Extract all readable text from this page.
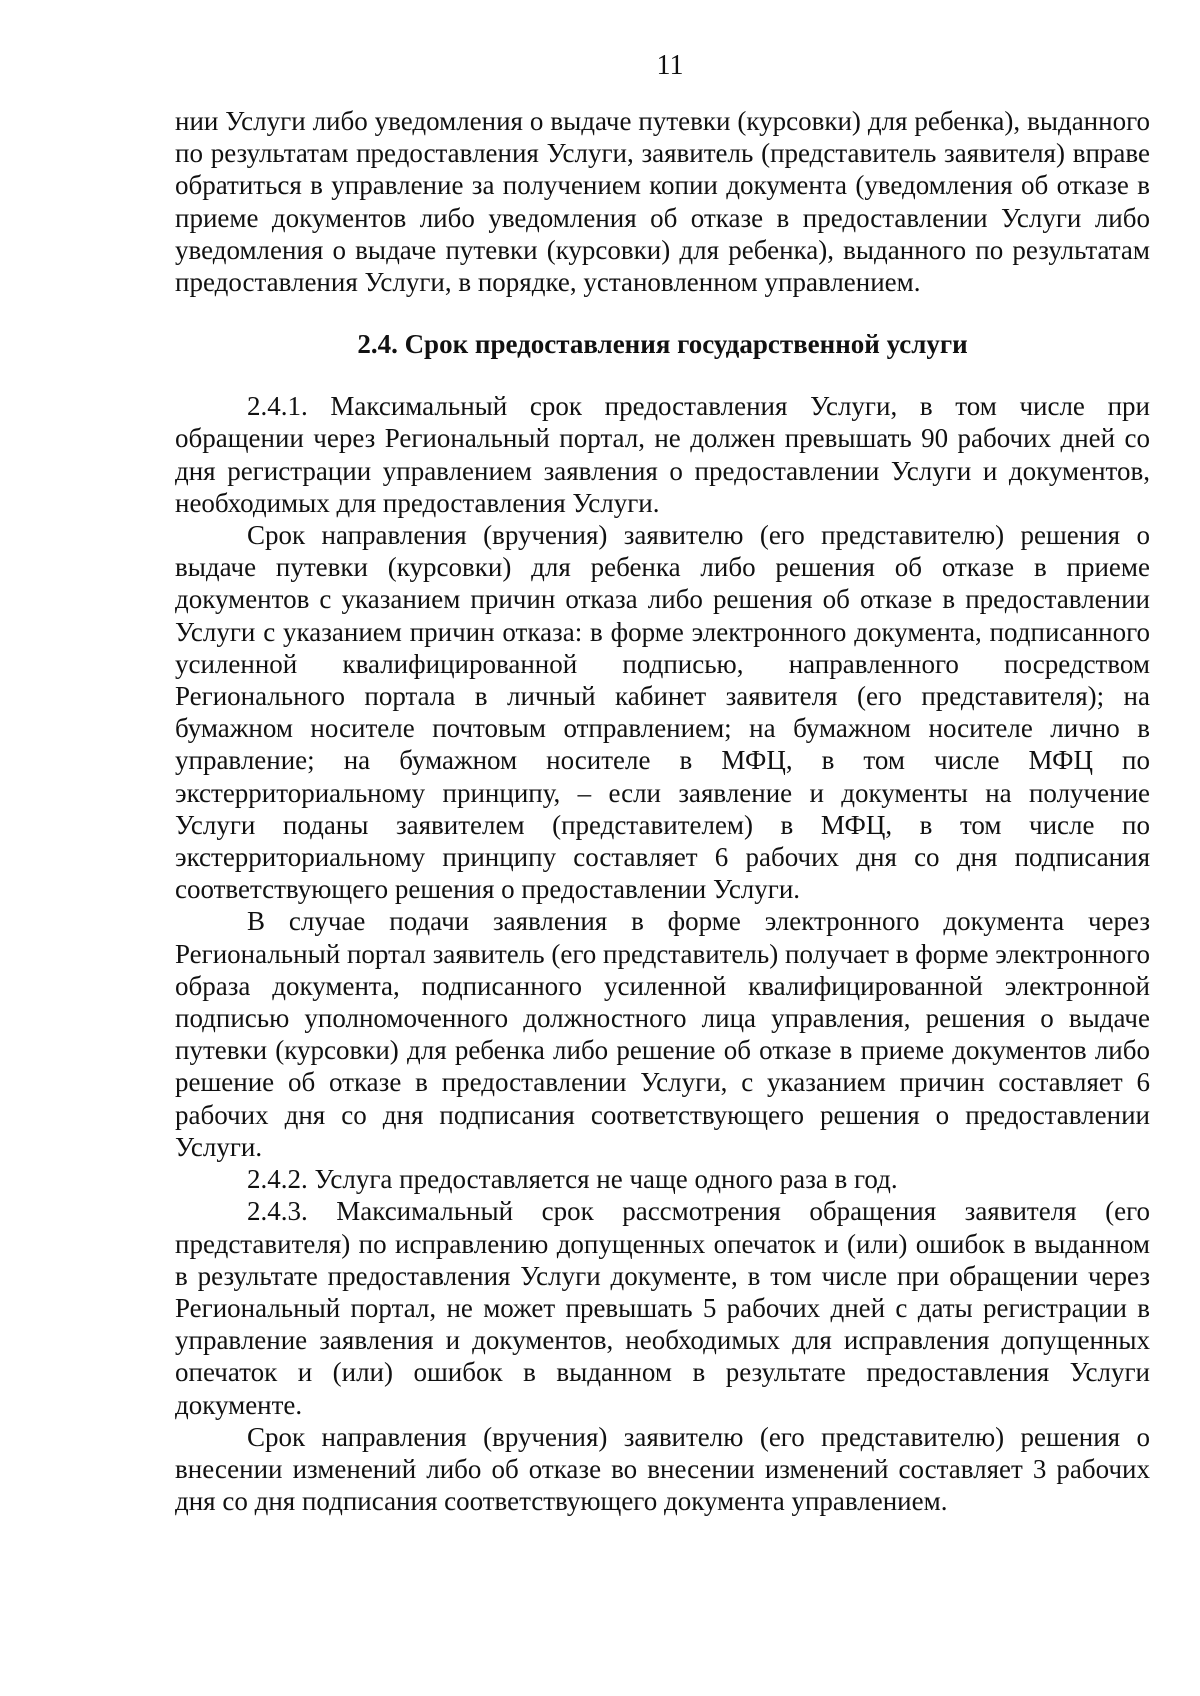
11

нии Услуги либо уведомления о выдаче путевки (курсовки) для ребенка), выданного по результатам предоставления Услуги, заявитель (представитель заявителя) вправе обратиться в управление за получением копии документа (уведомления об отказе в приеме документов либо уведомления об отказе в предоставлении Услуги либо уведомления о выдаче путевки (курсовки) для ребенка), выданного по результатам предоставления Услуги, в порядке, установленном управлением.

2.4. Срок предоставления государственной услуги

2.4.1. Максимальный срок предоставления Услуги, в том числе при обращении через Региональный портал, не должен превышать 90 рабочих дней со дня регистрации управлением заявления о предоставлении Услуги и документов, необходимых для предоставления Услуги.

Срок направления (вручения) заявителю (его представителю) решения о выдаче путевки (курсовки) для ребенка либо решения об отказе в приеме документов с указанием причин отказа либо решения об отказе в предоставлении Услуги с указанием причин отказа: в форме электронного документа, подписанного усиленной квалифицированной подписью, направленного посредством Регионального портала в личный кабинет заявителя (его представителя); на бумажном носителе почтовым отправлением; на бумажном носителе лично в управление; на бумажном носителе в МФЦ, в том числе МФЦ по экстерриториальному принципу, – если заявление и документы на получение Услуги поданы заявителем (представителем) в МФЦ, в том числе по экстерриториальному принципу составляет 6 рабочих дня со дня подписания соответствующего решения о предоставлении Услуги.

В случае подачи заявления в форме электронного документа через Региональный портал заявитель (его представитель) получает в форме электронного образа документа, подписанного усиленной квалифицированной электронной подписью уполномоченного должностного лица управления, решения о выдаче путевки (курсовки) для ребенка либо решение об отказе в приеме документов либо решение об отказе в предоставлении Услуги, с указанием причин составляет 6 рабочих дня со дня подписания соответствующего решения о предоставлении Услуги.

2.4.2. Услуга предоставляется не чаще одного раза в год.

2.4.3. Максимальный срок рассмотрения обращения заявителя (его представителя) по исправлению допущенных опечаток и (или) ошибок в выданном в результате предоставления Услуги документе, в том числе при обращении через Региональный портал, не может превышать 5 рабочих дней с даты регистрации в управление заявления и документов, необходимых для исправления допущенных опечаток и (или) ошибок в выданном в результате предоставления Услуги документе.

Срок направления (вручения) заявителю (его представителю) решения о внесении изменений либо об отказе во внесении изменений составляет 3 рабочих дня со дня подписания соответствующего документа управлением.
